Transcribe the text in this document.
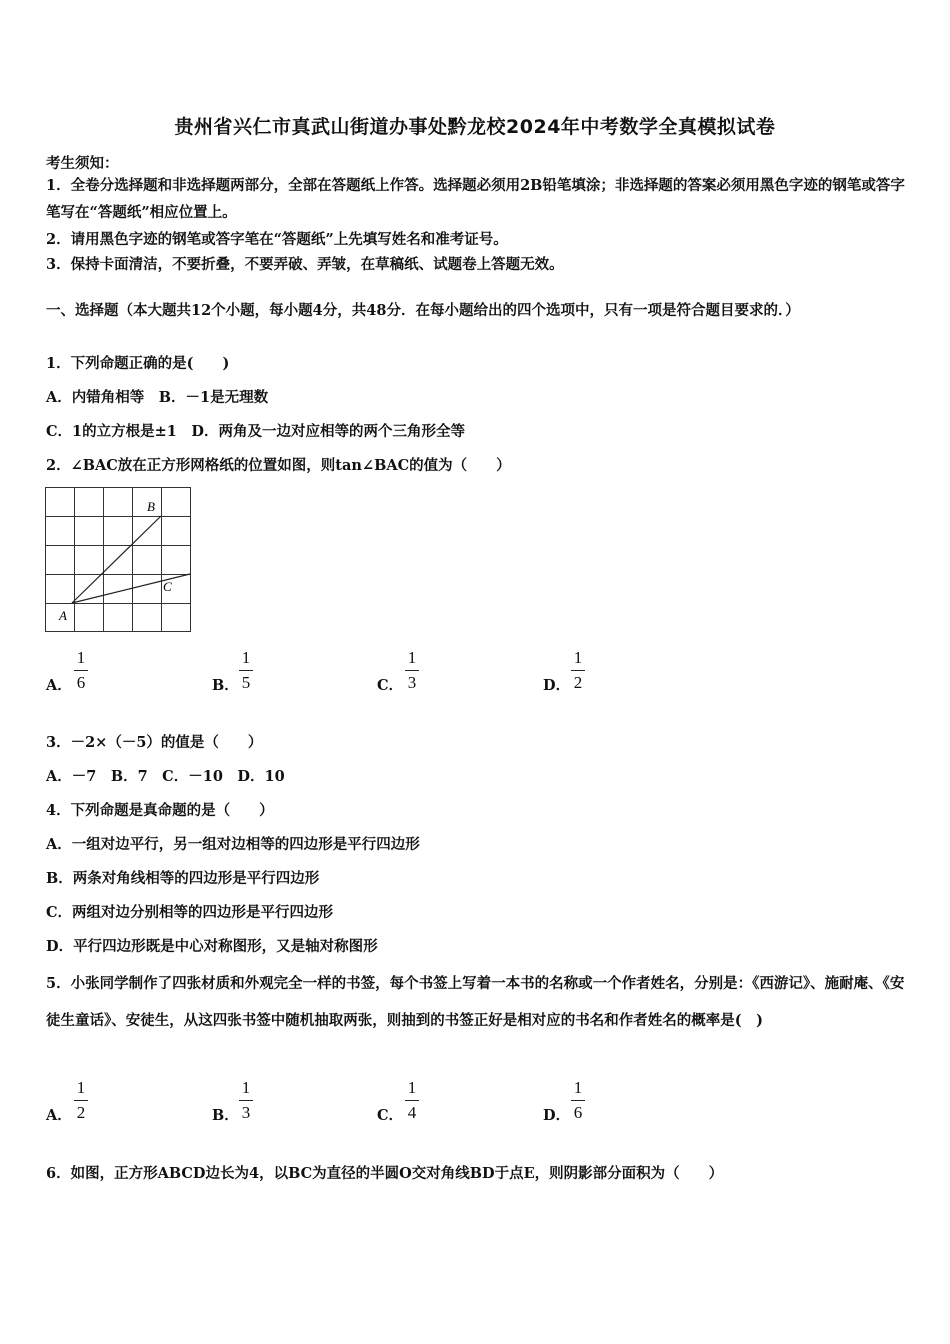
贵州省兴仁市真武山街道办事处黔龙校2024年中考数学全真模拟试卷
考生须知：
1．全卷分选择题和非选择题两部分，全部在答题纸上作答。选择题必须用2B铅笔填涂；非选择题的答案必须用黑色字迹的钢笔或答字笔写在“答题纸”相应位置上。
2．请用黑色字迹的钢笔或答字笔在“答题纸”上先填写姓名和准考证号。
3．保持卡面清洁，不要折叠，不要弄破、弄皱，在草稿纸、试题卷上答题无效。
一、选择题（本大题共12个小题，每小题4分，共48分．在每小题给出的四个选项中，只有一项是符合题目要求的．）
1．下列命题正确的是(　　)
A．内错角相等　B．－1是无理数
C．1的立方根是±1　D．两角及一边对应相等的两个三角形全等
2．∠BAC放在正方形网格纸的位置如图，则tan∠BAC的值为（　　）
A
B
C
A．
1
6	B．
1
5	C．
1
3	D．
1
2
3．－2×（－5）的值是（　　）
A．－7　B．7　C．－10　D．10
4．下列命题是真命题的是（　　）
A．一组对边平行，另一组对边相等的四边形是平行四边形
B．两条对角线相等的四边形是平行四边形
C．两组对边分别相等的四边形是平行四边形
D．平行四边形既是中心对称图形，又是轴对称图形
5．小张同学制作了四张材质和外观完全一样的书签，每个书签上写着一本书的名称或一个作者姓名，分别是：《西游记》、施耐庵、《安徒生童话》、安徒生，从这四张书签中随机抽取两张，则抽到的书签正好是相对应的书名和作者姓名的概率是(　)
A．
1
2	B．
1
3	C．
1
4	D．
1
6
6．如图，正方形ABCD边长为4，以BC为直径的半圆O交对角线BD于点E，则阴影部分面积为（　　）
